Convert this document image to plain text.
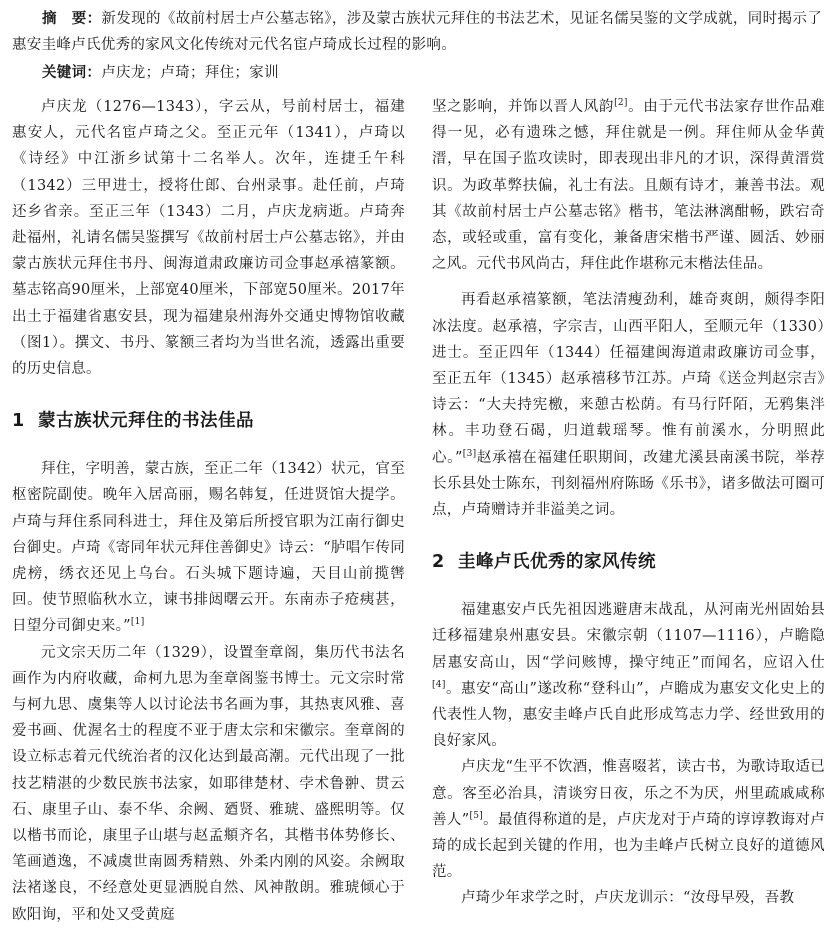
摘　要：新发现的《故前村居士卢公墓志铭》，涉及蒙古族状元拜住的书法艺术，见证名儒吴鉴的文学成就，同时揭示了惠安圭峰卢氏优秀的家风文化传统对元代名宦卢琦成长过程的影响。
关键词：卢庆龙；卢琦；拜住；家训

卢庆龙（1276—1343），字云从，号前村居士，福建惠安人，元代名宦卢琦之父。至正元年（1341），卢琦以《诗经》中江浙乡试第十二名举人。次年，连捷壬午科（1342）三甲进士，授将仕郎、台州录事。赴任前，卢琦还乡省亲。至正三年（1343）二月，卢庆龙病逝。卢琦奔赴福州，礼请名儒吴鉴撰写《故前村居士卢公墓志铭》，并由蒙古族状元拜住书丹、闽海道肃政廉访司佥事赵承禧篆额。墓志铭高90厘米，上部宽40厘米，下部宽50厘米。2017年出土于福建省惠安县，现为福建泉州海外交通史博物馆收藏（图1）。撰文、书丹、篆额三者均为当世名流，透露出重要的历史信息。

1 蒙古族状元拜住的书法佳品

拜住，字明善，蒙古族，至正二年（1342）状元，官至枢密院副使。晚年入居高丽，赐名韩复，任进贤馆大提学。卢琦与拜住系同科进士，拜住及第后所授官职为江南行御史台御史。卢琦《寄同年状元拜住善御史》诗云：“胪唱乍传同虎榜，绣衣还见上乌台。石头城下题诗遍，天目山前揽辔回。使节照临秋水立，谏书排闼曙云开。东南赤子疮痍甚，日望分司御史来。”[1]

元文宗天历二年（1329），设置奎章阁，集历代书法名画作为内府收藏，命柯九思为奎章阁鉴书博士。元文宗时常与柯九思、虞集等人以讨论法书名画为事，其热衷风雅、喜爱书画、优渥名士的程度不亚于唐太宗和宋徽宗。奎章阁的设立标志着元代统治者的汉化达到最高潮。元代出现了一批技艺精湛的少数民族书法家，如耶律楚材、孛术鲁翀、贯云石、康里子山、泰不华、余阙、廼贤、雅琥、盛熙明等。仅以楷书而论，康里子山堪与赵孟頫齐名，其楷书体势修长、笔画遒逸，不减虞世南圆秀精熟、外柔内刚的风姿。余阙取法褚遂良，不经意处更显洒脱自然、风神散朗。雅琥倾心于欧阳询，平和处又受黄庭

坚之影响，并饰以晋人风韵[2]。由于元代书法家存世作品难得一见，必有遗珠之憾，拜住就是一例。拜住师从金华黄溍，早在国子监攻读时，即表现出非凡的才识，深得黄溍赏识。为政革弊扶偏，礼士有法。且颇有诗才，兼善书法。观其《故前村居士卢公墓志铭》楷书，笔法淋漓酣畅，跌宕奇态，或轻或重，富有变化，兼备唐宋楷书严谨、圆活、妙丽之风。元代书风尚古，拜住此作堪称元末楷法佳品。

再看赵承禧篆额，笔法清瘦劲利，雄奇爽朗，颇得李阳冰法度。赵承禧，字宗吉，山西平阳人，至顺元年（1330）进士。至正四年（1344）任福建闽海道肃政廉访司佥事，至正五年（1345）赵承禧移节江苏。卢琦《送佥判赵宗吉》诗云：“大夫持宪檄，来憩古松荫。有马行阡陌，无鸦集泮林。丰功登石碣，归道载瑶琴。惟有前溪水，分明照此心。”[3]赵承禧在福建任职期间，改建尤溪县南溪书院，举荐长乐县处士陈东，刊刻福州府陈旸《乐书》，诸多做法可圈可点，卢琦赠诗并非溢美之词。

2 圭峰卢氏优秀的家风传统

福建惠安卢氏先祖因逃避唐末战乱，从河南光州固始县迁移福建泉州惠安县。宋徽宗朝（1107—1116），卢瞻隐居惠安高山，因“学问赅博，操守纯正”而闻名，应诏入仕[4]。惠安“高山”遂改称“登科山”，卢瞻成为惠安文化史上的代表性人物，惠安圭峰卢氏自此形成笃志力学、经世致用的良好家风。

卢庆龙“生平不饮酒，惟喜啜茗，读古书，为歌诗取适已意。客至必治具，清谈穷日夜，乐之不为厌，州里疏戚咸称善人”[5]。最值得称道的是，卢庆龙对于卢琦的谆谆教诲对卢琦的成长起到关键的作用，也为圭峰卢氏树立良好的道德风范。

卢琦少年求学之时，卢庆龙训示：“汝母早殁，吾教
